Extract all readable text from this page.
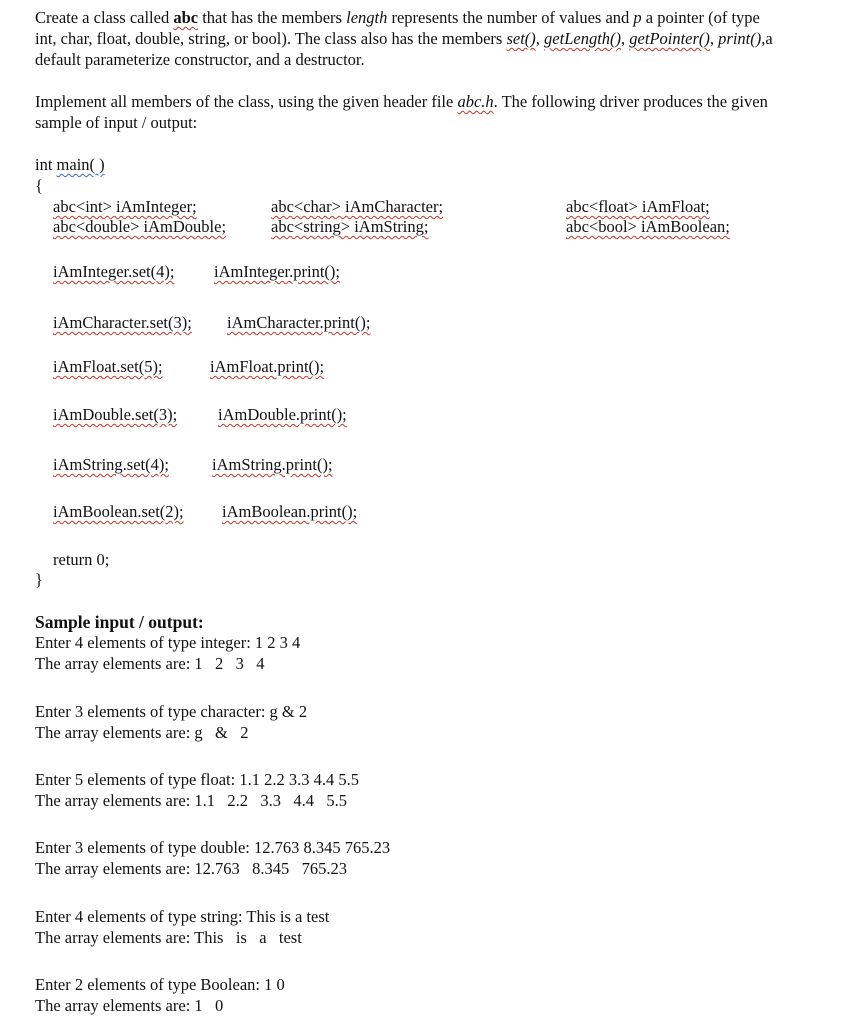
Create a class called abc that has the members length represents the number of values and p a pointer (of type
int, char, float, double, string, or bool). The class also has the members set(), getLength(), getPointer(), print(),a
default parameterize constructor, and a destructor.
Implement all members of the class, using the given header file abc.h. The following driver produces the given
sample of input / output:
int main( )
{
abc<int> iAmInteger;	abc<char> iAmCharacter;	abc<float> iAmFloat;
abc<double> iAmDouble;	abc<string> iAmString;	abc<bool> iAmBoolean;
iAmInteger.set(4); iAmInteger.print();
iAmCharacter.set(3); iAmCharacter.print();
iAmFloat.set(5);	iAmFloat.print();
iAmDouble.set(3); iAmDouble.print();
iAmString.set(4);	iAmString.print();
iAmBoolean.set(2); iAmBoolean.print();
return 0;
}
Sample input / output:
Enter 4 elements of type integer: 1 2 3 4
The array elements are: 1   2   3   4
Enter 3 elements of type character: g & 2
The array elements are: g   &   2
Enter 5 elements of type float: 1.1 2.2 3.3 4.4 5.5
The array elements are: 1.1   2.2   3.3   4.4   5.5
Enter 3 elements of type double: 12.763 8.345 765.23
The array elements are: 12.763   8.345   765.23
Enter 4 elements of type string: This is a test
The array elements are: This   is   a   test
Enter 2 elements of type Boolean: 1 0
The array elements are: 1   0
